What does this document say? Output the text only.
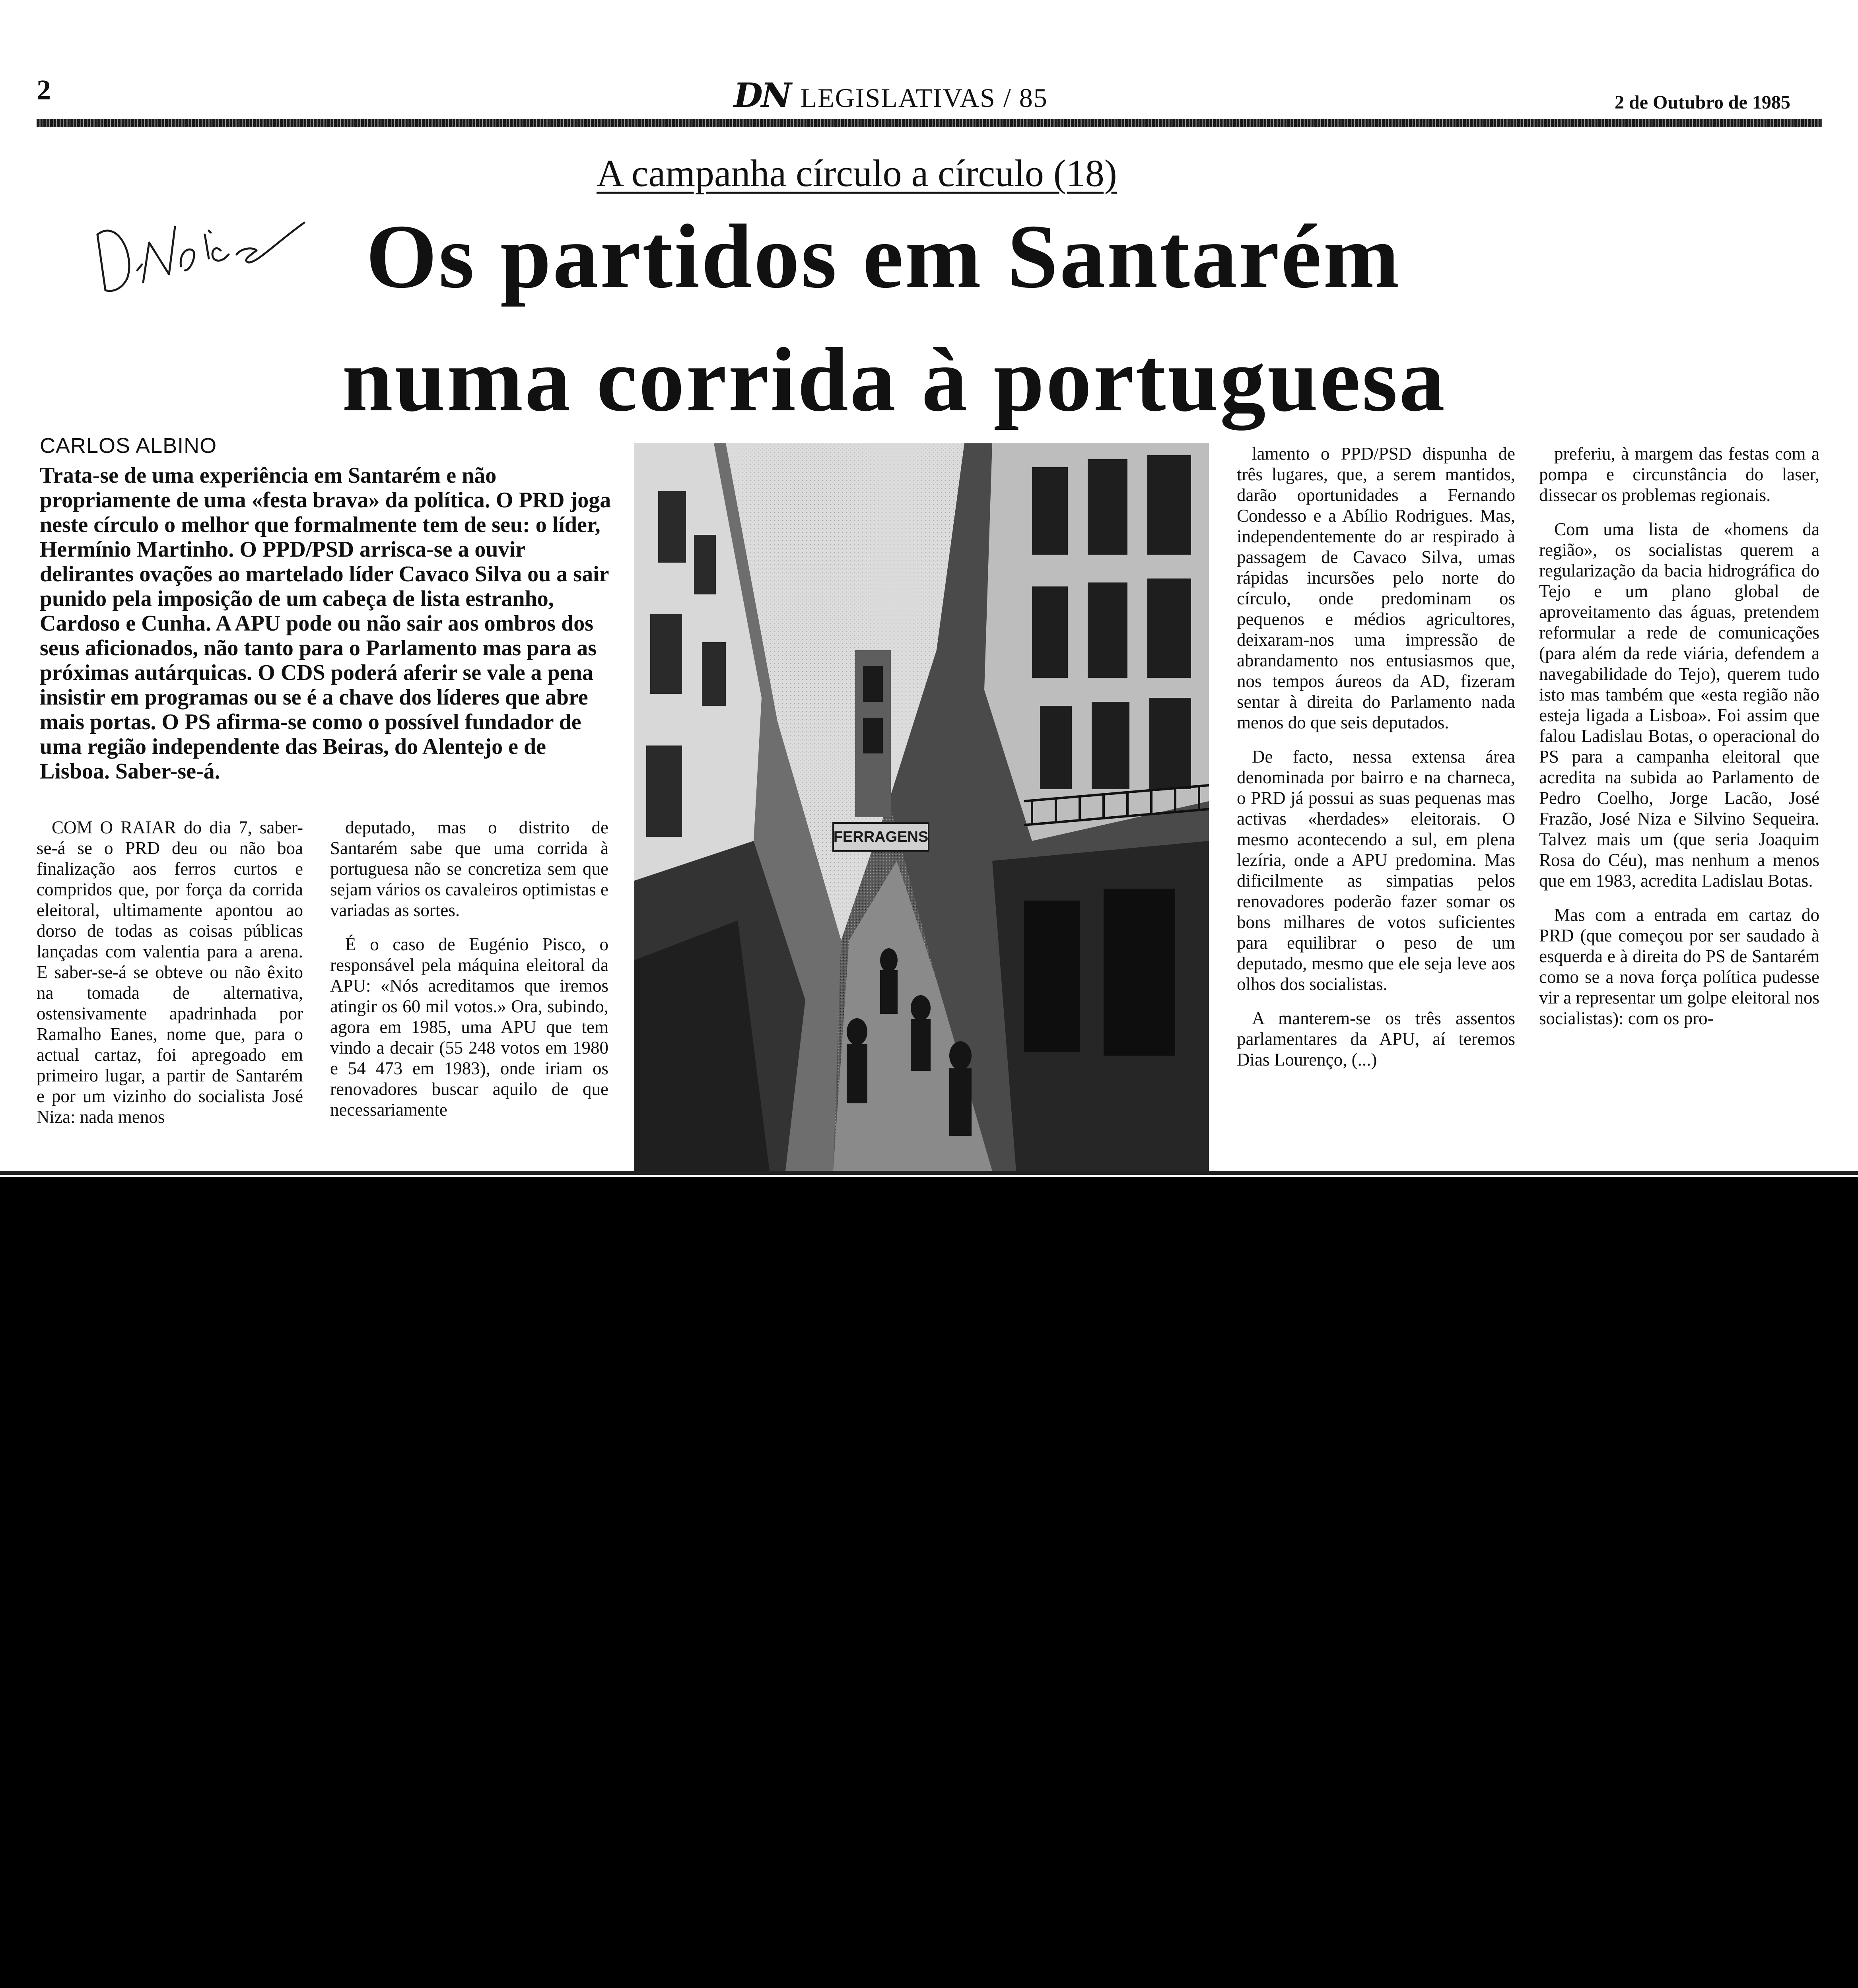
2	DN LEGISLATIVAS / 85	2 de Outubro de 1985
A campanha círculo a círculo (18)
Os partidos em Santarém
numa corrida à portuguesa
CARLOS ALBINO
Trata-se de uma experiência em Santarém e não propriamente de uma «festa brava» da política. O PRD joga neste círculo o melhor que formalmente tem de seu: o líder, Hermínio Martinho. O PPD/PSD arrisca-se a ouvir delirantes ovações ao martelado líder Cavaco Silva ou a sair punido pela imposição de um cabeça de lista estranho, Cardoso e Cunha. A APU pode ou não sair aos ombros dos seus aficionados, não tanto para o Parlamento mas para as próximas autárquicas. O CDS poderá aferir se vale a pena insistir em programas ou se é a chave dos líderes que abre mais portas. O PS afirma-se como o possível fundador de uma região independente das Beiras, do Alentejo e de Lisboa. Saber-se-á.

COM O RAIAR do dia 7, saber-se-á se o PRD deu ou não boa finalização aos ferros curtos e compridos que, por força da corrida eleitoral, ultimamente apontou ao dorso de todas as coisas públicas lançadas com valentia para a arena. E saber-se-á se obteve ou não êxito na tomada de alternativa, ostensivamente apadrinhada por Ramalho Eanes, nome que, para o actual cartaz, foi apregoado em primeiro lugar, a partir de Santarém e por um vizinho do socialista José Niza: nada menos

deputado, mas o distrito de Santarém sabe que uma corrida à portuguesa não se concretiza sem que sejam vários os cavaleiros optimistas e variadas as sortes.

É o caso de Eugénio Pisco, o responsável pela máquina eleitoral da APU: «Nós acreditamos que iremos atingir os 60 mil votos.» Ora, subindo, agora em 1985, uma APU que tem vindo a decair (55 248 votos em 1980 e 54 473 em 1983), onde iriam os renovadores buscar aquilo de que necessariamente

lamento o PPD/PSD dispunha de três lugares, que, a serem mantidos, darão oportunidades a Fernando Condesso e a Abílio Rodrigues. Mas, independentemente do ar respirado à passagem de Cavaco Silva, umas rápidas incursões pelo norte do círculo, onde predominam os pequenos e médios agricultores, deixaram-nos uma impressão de abrandamento nos entusiasmos que, nos tempos áureos da AD, fizeram sentar à direita do Parlamento nada menos do que seis deputados.

De facto, nessa extensa área denominada por bairro e na charneca, o PRD já possui as suas pequenas mas activas «herdades» eleitorais. O mesmo acontecendo a sul, em plena lezíria, onde a APU predomina. Mas dificilmente as simpatias pelos renovadores poderão fazer somar os bons milhares de votos suficientes para equilibrar o peso de um deputado, mesmo que ele seja leve aos olhos dos socialistas.

A manterem-se os três assentos parlamentares da APU, aí teremos Dias Lourenço, (...)

preferiu, à margem das festas com a pompa e circunstância do laser, dissecar os problemas regionais.

Com uma lista de «homens da região», os socialistas querem a regularização da bacia hidrográfica do Tejo e um plano global de aproveitamento das águas, pretendem reformular a rede de comunicações (para além da rede viária, defendem a navegabilidade do Tejo), querem tudo isto mas também que «esta região não esteja ligada a Lisboa». Foi assim que falou Ladislau Botas, o operacional do PS para a campanha eleitoral que acredita na subida ao Parlamento de Pedro Coelho, Jorge Lacão, José Frazão, José Niza e Silvino Sequeira. Talvez mais um (que seria Joaquim Rosa do Céu), mas nenhum a menos que em 1983, acredita Ladislau Botas.

Mas com a entrada em cartaz do PRD (que começou por ser saudado à esquerda e à direita do PS de Santarém como se a nova força política pudesse vir a representar um golpe eleitoral nos socialistas): com os pro-

FERRAGENS
